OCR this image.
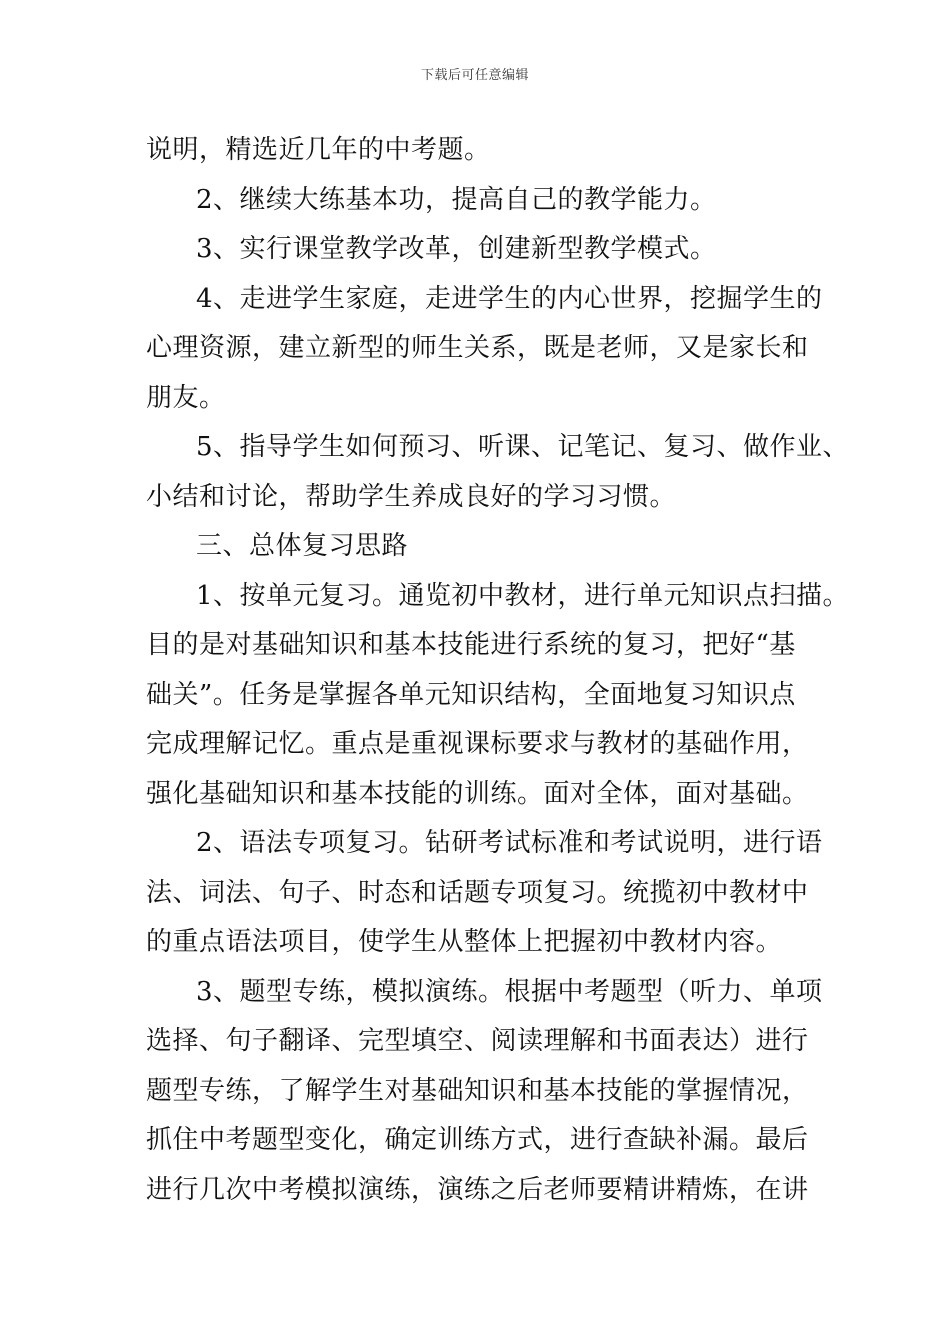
下载后可任意编辑
说明，精选近几年的中考题。
2、继续大练基本功，提高自己的教学能力。
3、实行课堂教学改革，创建新型教学模式。
4、走进学生家庭，走进学生的内心世界，挖掘学生的
心理资源，建立新型的师生关系，既是老师，又是家长和
朋友。
5、指导学生如何预习、听课、记笔记、复习、做作业、
小结和讨论，帮助学生养成良好的学习习惯。
三、总体复习思路
1、按单元复习。通览初中教材，进行单元知识点扫描。
目的是对基础知识和基本技能进行系统的复习，把好“基
础关”。任务是掌握各单元知识结构，全面地复习知识点
完成理解记忆。重点是重视课标要求与教材的基础作用，
强化基础知识和基本技能的训练。面对全体，面对基础。
2、语法专项复习。钻研考试标准和考试说明，进行语
法、词法、句子、时态和话题专项复习。统揽初中教材中
的重点语法项目，使学生从整体上把握初中教材内容。
3、题型专练，模拟演练。根据中考题型（听力、单项
选择、句子翻译、完型填空、阅读理解和书面表达）进行
题型专练，了解学生对基础知识和基本技能的掌握情况，
抓住中考题型变化，确定训练方式，进行查缺补漏。最后
进行几次中考模拟演练，演练之后老师要精讲精炼，在讲
